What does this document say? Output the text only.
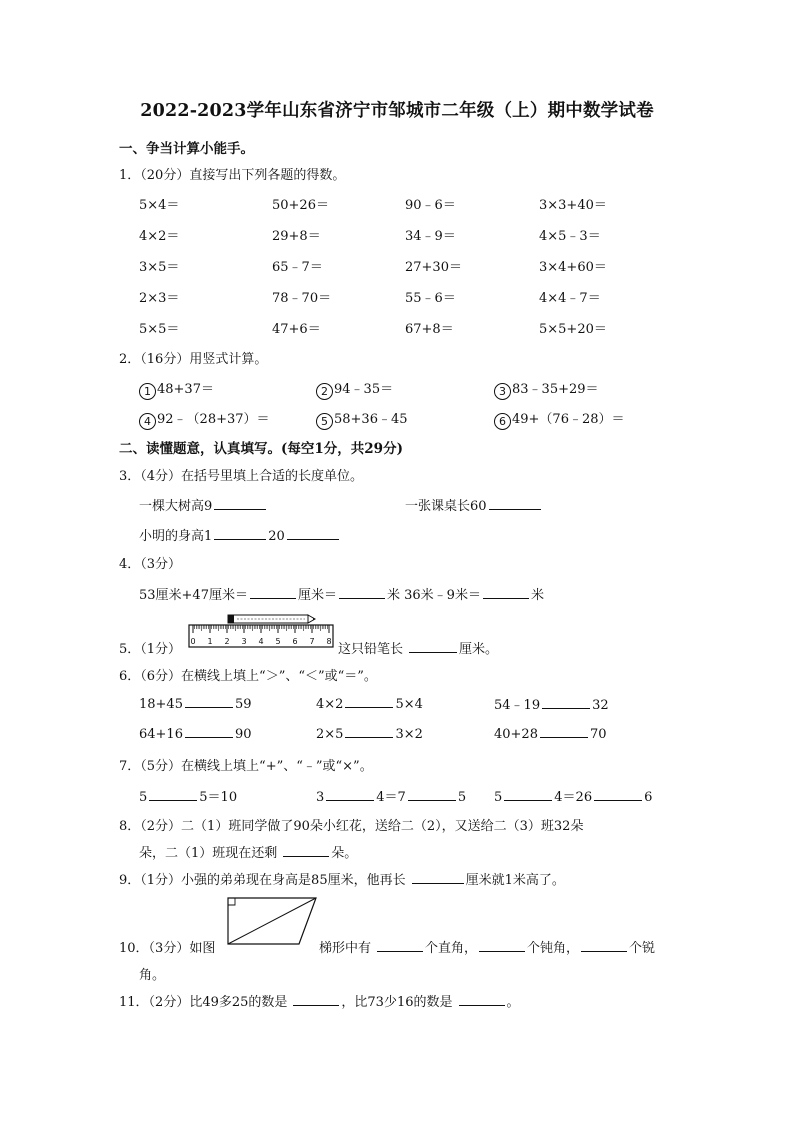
2022-2023学年山东省济宁市邹城市二年级（上）期中数学试卷
一、争当计算小能手。
1．（20分）直接写出下列各题的得数。
5×4＝	50+26＝	90﹣6＝	3×3+40＝
4×2＝	29+8＝	34﹣9＝	4×5﹣3＝
3×5＝	65﹣7＝	27+30＝	3×4+60＝
2×3＝	78﹣70＝	55﹣6＝	4×4﹣7＝
5×5＝	47+6＝	67+8＝	5×5+20＝
2．（16分）用竖式计算。
1 48+37＝	2 94﹣35＝	3 83﹣35+29＝
4 92﹣（28+37）＝	5 58+36﹣45	6 49+（76﹣28）＝
二、读懂题意，认真填写。(每空1分，共29分)
3．（4分）在括号里填上合适的长度单位。
一棵大树高9	一张课桌长60
小明的身高1	20
4．（3分）
53厘米+47厘米＝	厘米＝	米 36米﹣9米＝	米
5．（1分）
0 1 2 3 4 5 6 7 8
这只铅笔长	厘米。
6．（6分）在横线上填上“＞”、“＜”或“＝”。
18+45	59	4×2	5×4	54﹣19	32
64+16	90	2×5	3×2	40+28	70
7．（5分）在横线上填上“+”、“﹣”或“×”。
5	5＝10	3	4＝7	5 5	4＝26	6
8．（2分）二（1）班同学做了90朵小红花，送给二（2），又送给二（3）班32朵
朵，二（1）班现在还剩	朵。
9．（1分）小强的弟弟现在身高是85厘米，他再长	厘米就1米高了。
10．（3分）如图	梯形中有	个直角，	个钝角，	个锐
角。
11．（2分）比49多25的数是	，比73少16的数是	。
